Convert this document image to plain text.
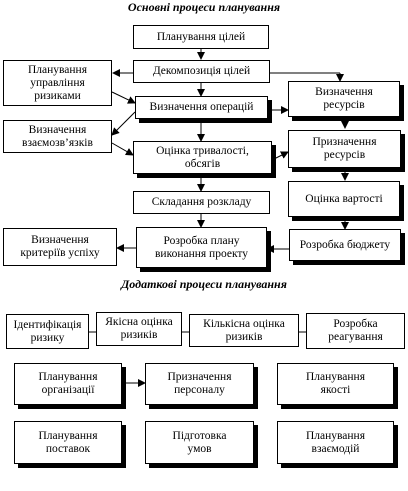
Основні процеси планування
Планування цілей
Декомпозиція цілей
Планування
управління
ризиками
Визначення операцій
Визначення
взаємозв’язків
Оцінка тривалості,
обсягів
Складання розкладу
Розробка плану
виконання проекту
Визначення
критеріїв успіху
Визначення
ресурсів
Призначення
ресурсів
Оцінка вартості
Розробка бюджету
Додаткові процеси планування
Ідентифікація
ризику
Якісна оцінка
ризиків
Кількісна оцінка
ризиків
Розробка
реагування
Планування
організації
Призначення
персоналу
Планування
якості
Планування
поставок
Підготовка
умов
Планування
взаємодій
